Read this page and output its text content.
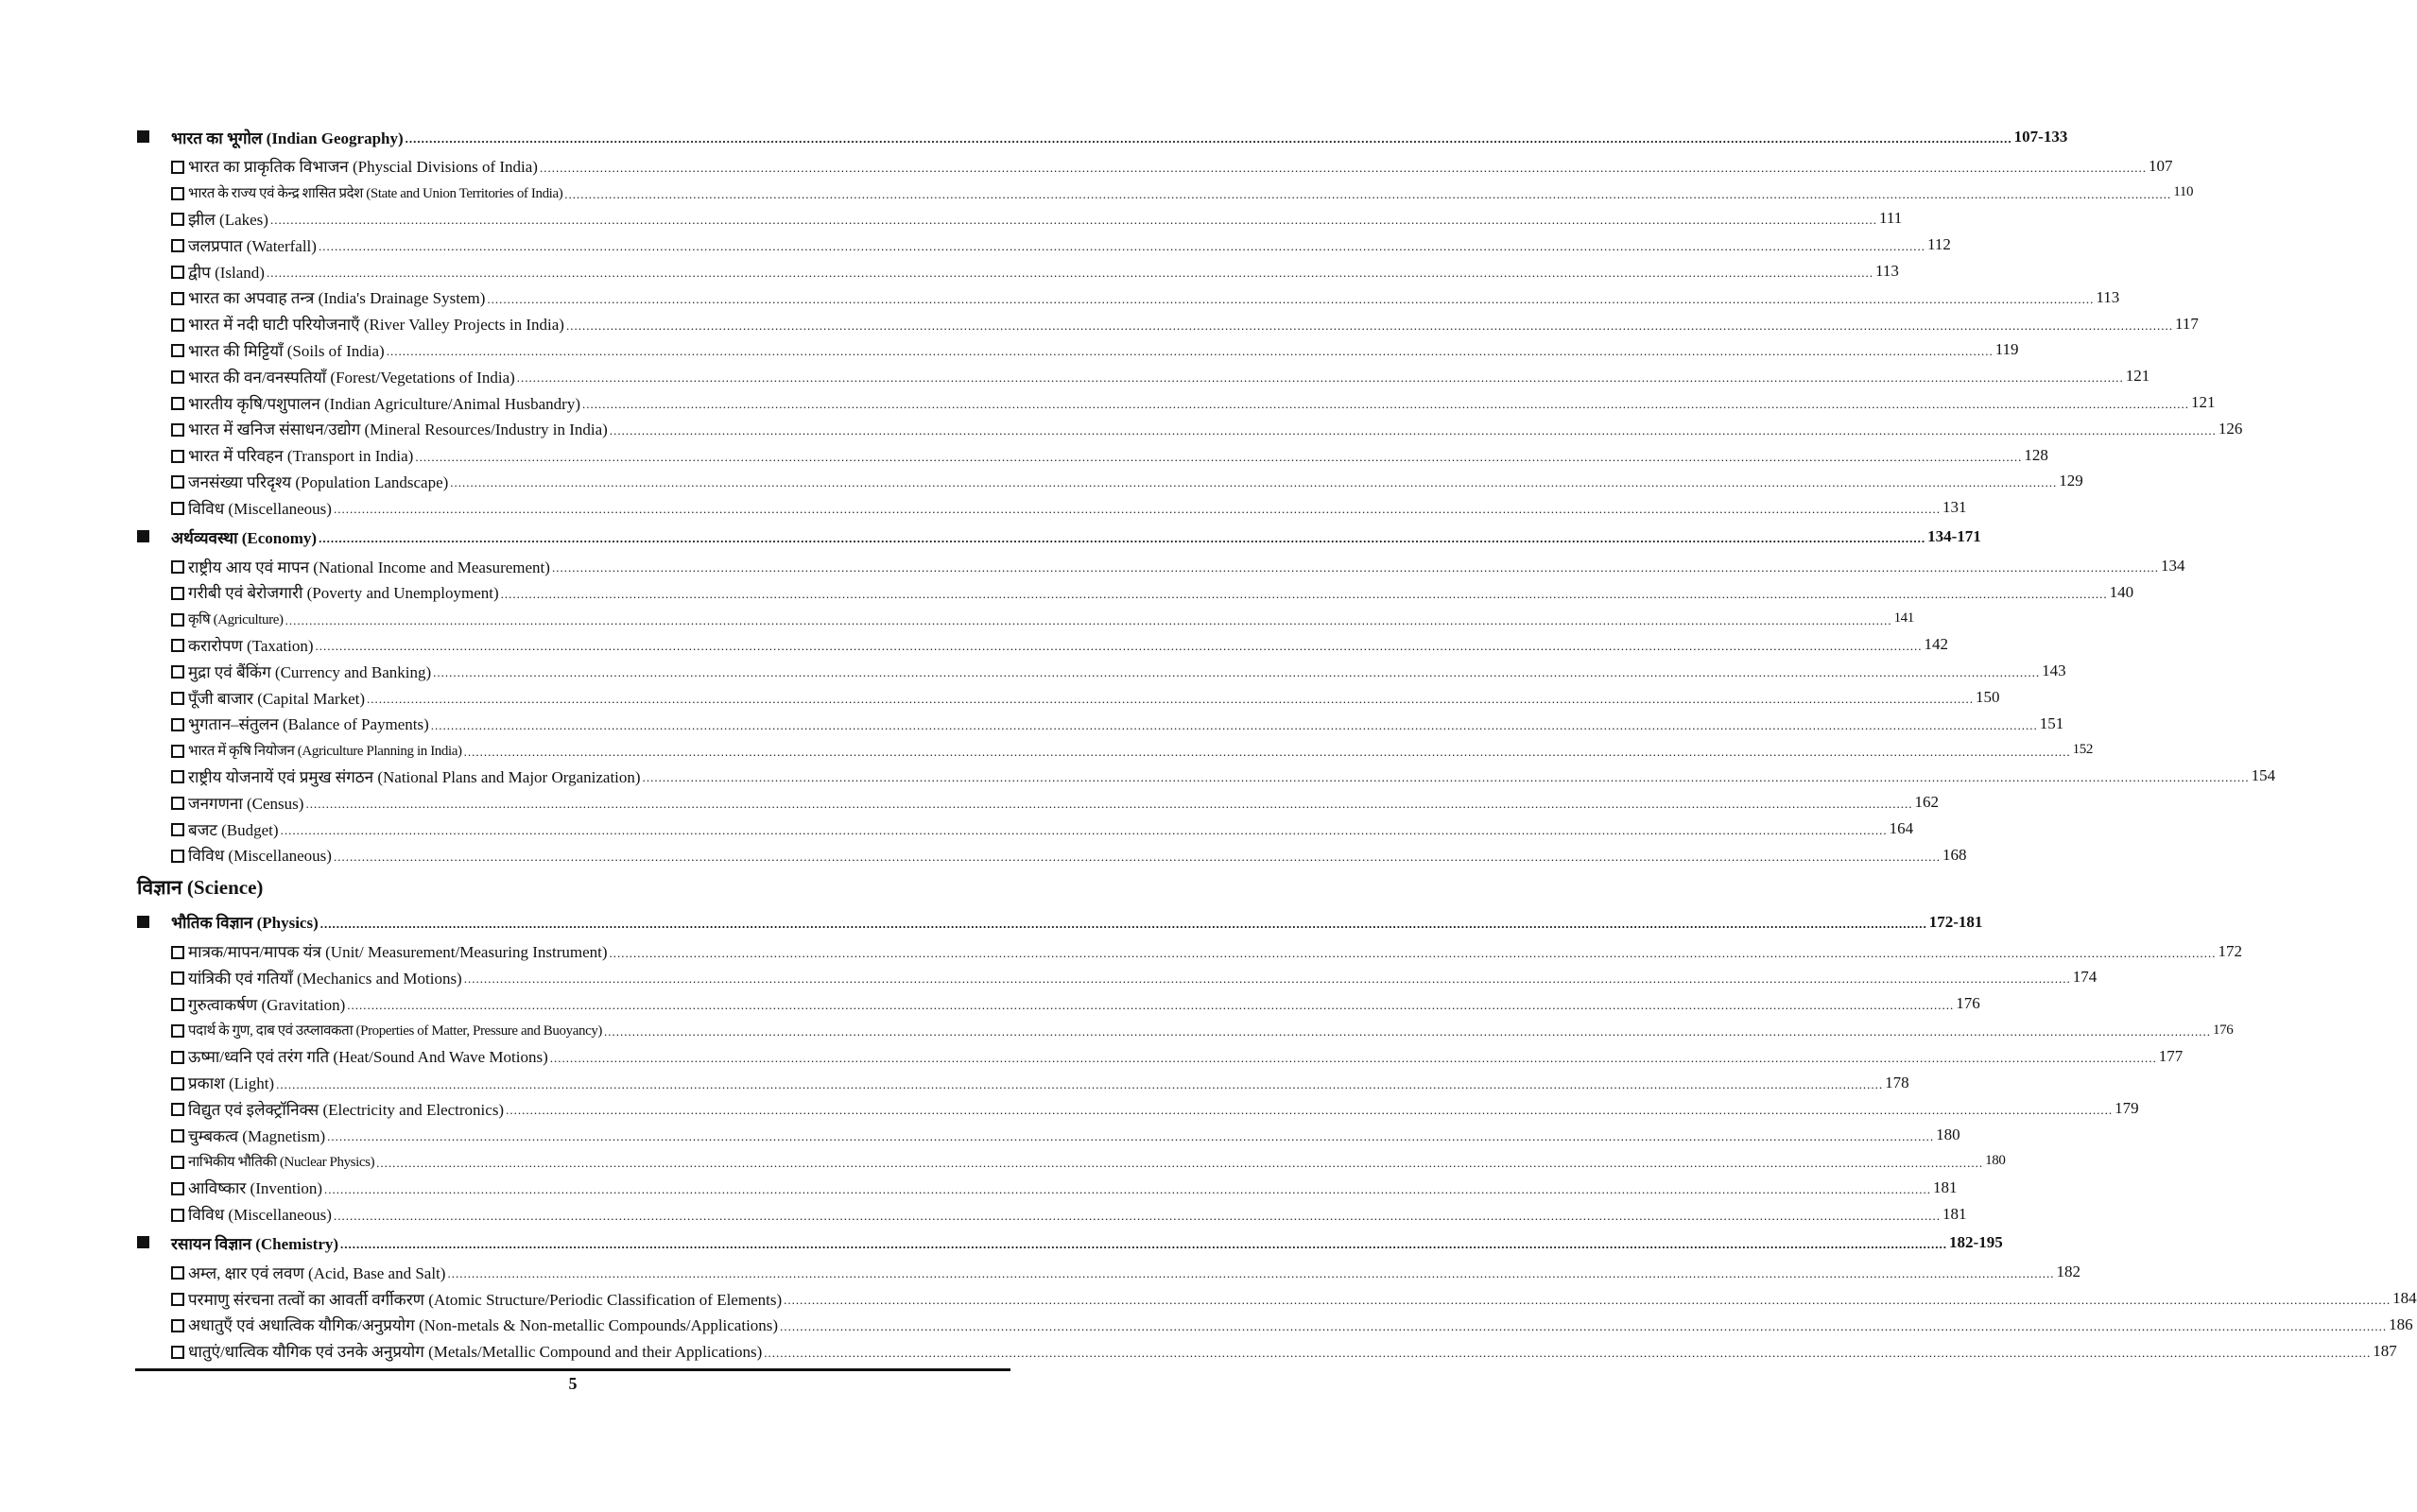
भारत का भूगोल (Indian Geography) ................................................................................................................................................................................................................................................................................................................................................................................................................ 107-133
भारत का प्राकृतिक विभाजन (Physcial Divisions of India) ................................................................................................................................................................................................................................................................................................................................................................................................................ 107
भारत के राज्य एवं केन्द्र शासित प्रदेश (State and Union Territories of India) ................................................................................................................................................................................................................................................................................................................................................................................................................ 110
झील (Lakes) ................................................................................................................................................................................................................................................................................................................................................................................................................ 111
जलप्रपात (Waterfall) ................................................................................................................................................................................................................................................................................................................................................................................................................ 112
द्वीप (Island) ................................................................................................................................................................................................................................................................................................................................................................................................................ 113
भारत का अपवाह तन्त्र (India's Drainage System) ................................................................................................................................................................................................................................................................................................................................................................................................................ 113
भारत में नदी घाटी परियोजनाएँ (River Valley Projects in India) ................................................................................................................................................................................................................................................................................................................................................................................................................ 117
भारत की मिट्टियाँ (Soils of India) ................................................................................................................................................................................................................................................................................................................................................................................................................ 119
भारत की वन/वनस्पतियाँ (Forest/Vegetations of India) ................................................................................................................................................................................................................................................................................................................................................................................................................ 121
भारतीय कृषि/पशुपालन (Indian Agriculture/Animal Husbandry) ................................................................................................................................................................................................................................................................................................................................................................................................................ 121
भारत में खनिज संसाधन/उद्योग (Mineral Resources/Industry in India) ................................................................................................................................................................................................................................................................................................................................................................................................................ 126
भारत में परिवहन (Transport in India) ................................................................................................................................................................................................................................................................................................................................................................................................................ 128
जनसंख्या परिदृश्य (Population Landscape) ................................................................................................................................................................................................................................................................................................................................................................................................................ 129
विविध (Miscellaneous) ................................................................................................................................................................................................................................................................................................................................................................................................................ 131
अर्थव्यवस्था (Economy) ................................................................................................................................................................................................................................................................................................................................................................................................................ 134-171
राष्ट्रीय आय एवं मापन (National Income and Measurement) ................................................................................................................................................................................................................................................................................................................................................................................................................ 134
गरीबी एवं बेरोजगारी (Poverty and Unemployment) ................................................................................................................................................................................................................................................................................................................................................................................................................ 140
कृषि (Agriculture) ................................................................................................................................................................................................................................................................................................................................................................................................................ 141
करारोपण (Taxation) ................................................................................................................................................................................................................................................................................................................................................................................................................ 142
मुद्रा एवं बैंकिंग (Currency and Banking) ................................................................................................................................................................................................................................................................................................................................................................................................................ 143
पूँजी बाजार (Capital Market) ................................................................................................................................................................................................................................................................................................................................................................................................................ 150
भुगतान–संतुलन (Balance of Payments) ................................................................................................................................................................................................................................................................................................................................................................................................................ 151
भारत में कृषि नियोजन (Agriculture Planning in India) ................................................................................................................................................................................................................................................................................................................................................................................................................ 152
राष्ट्रीय योजनायें एवं प्रमुख संगठन (National Plans and Major Organization) ................................................................................................................................................................................................................................................................................................................................................................................................................ 154
जनगणना (Census) ................................................................................................................................................................................................................................................................................................................................................................................................................ 162
बजट (Budget) ................................................................................................................................................................................................................................................................................................................................................................................................................ 164
विविध (Miscellaneous) ................................................................................................................................................................................................................................................................................................................................................................................................................ 168
विज्ञान (Science)
भौतिक विज्ञान (Physics) ................................................................................................................................................................................................................................................................................................................................................................................................................ 172-181
मात्रक/मापन/मापक यंत्र (Unit/ Measurement/Measuring Instrument) ................................................................................................................................................................................................................................................................................................................................................................................................................ 172
यांत्रिकी एवं गतियाँ (Mechanics and Motions) ................................................................................................................................................................................................................................................................................................................................................................................................................ 174
गुरुत्वाकर्षण (Gravitation) ................................................................................................................................................................................................................................................................................................................................................................................................................ 176
पदार्थ के गुण, दाब एवं उत्प्लावकता (Properties of Matter, Pressure and Buoyancy) ................................................................................................................................................................................................................................................................................................................................................................................................................ 176
ऊष्मा/ध्वनि एवं तरंग गति (Heat/Sound And Wave Motions) ................................................................................................................................................................................................................................................................................................................................................................................................................ 177
प्रकाश (Light) ................................................................................................................................................................................................................................................................................................................................................................................................................ 178
विद्युत एवं इलेक्ट्रॉनिक्स (Electricity and Electronics) ................................................................................................................................................................................................................................................................................................................................................................................................................ 179
चुम्बकत्व (Magnetism) ................................................................................................................................................................................................................................................................................................................................................................................................................ 180
नाभिकीय भौतिकी (Nuclear Physics) ................................................................................................................................................................................................................................................................................................................................................................................................................ 180
आविष्कार (Invention) ................................................................................................................................................................................................................................................................................................................................................................................................................ 181
विविध (Miscellaneous) ................................................................................................................................................................................................................................................................................................................................................................................................................ 181
रसायन विज्ञान (Chemistry) ................................................................................................................................................................................................................................................................................................................................................................................................................ 182-195
अम्ल, क्षार एवं लवण (Acid, Base and Salt) ................................................................................................................................................................................................................................................................................................................................................................................................................ 182
परमाणु संरचना तत्वों का आवर्ती वर्गीकरण (Atomic Structure/Periodic Classification of Elements) ................................................................................................................................................................................................................................................................................................................................................................................................................ 184
अधातुएँ एवं अधात्विक यौगिक/अनुप्रयोग (Non-metals & Non-metallic Compounds/Applications) ................................................................................................................................................................................................................................................................................................................................................................................................................ 186
धातुएं/धात्विक यौगिक एवं उनके अनुप्रयोग (Metals/Metallic Compound and their Applications) ................................................................................................................................................................................................................................................................................................................................................................................................................ 187
5
